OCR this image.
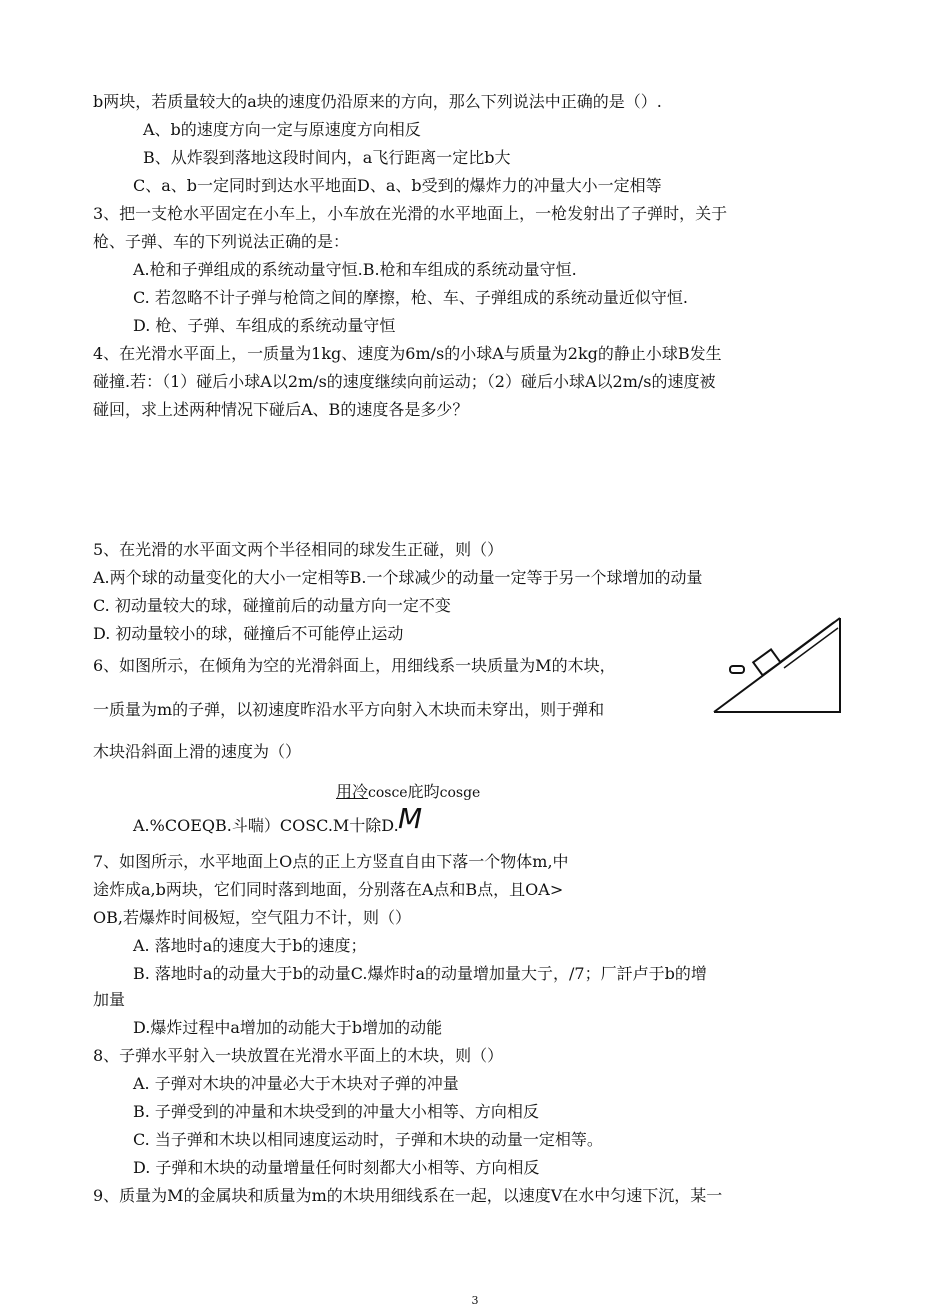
b两块，若质量较大的a块的速度仍沿原来的方向，那么下列说法中正确的是（）.
A、b的速度方向一定与原速度方向相反
B、从炸裂到落地这段时间内，a飞行距离一定比b大
C、a、b一定同时到达水平地面D、a、b受到的爆炸力的冲量大小一定相等
3、把一支枪水平固定在小车上，小车放在光滑的水平地面上，一枪发射出了子弹时，关于
枪、子弹、车的下列说法正确的是：
A.枪和子弹组成的系统动量守恒.B.枪和车组成的系统动量守恒.
C. 若忽略不计子弹与枪筒之间的摩擦，枪、车、子弹组成的系统动量近似守恒.
D. 枪、子弹、车组成的系统动量守恒
4、在光滑水平面上，一质量为1kg、速度为6m/s的小球A与质量为2kg的静止小球B发生
碰撞.若：（1）碰后小球A以2m/s的速度继续向前运动；（2）碰后小球A以2m/s的速度被
碰回，求上述两种情况下碰后A、B的速度各是多少？
5、在光滑的水平面文两个半径相同的球发生正碰，则（）
A.两个球的动量变化的大小一定相等B.一个球减少的动量一定等于另一个球增加的动量
C. 初动量较大的球，碰撞前后的动量方向一定不变
D. 初动量较小的球，碰撞后不可能停止运动
6、如图所示，在倾角为空的光滑斜面上，用细线系一块质量为M的木块，
一质量为m的子弹，以初速度昨沿水平方向射入木块而未穿出，则于弹和
木块沿斜面上滑的速度为（）
用冷cosce庇昀cosge
A.%COEQB.斗喘）COSC.M十除D. M
7、如图所示，水平地面上O点的正上方竖直自由下落一个物体m,中
途炸成a,b两块，它们同时落到地面，分别落在A点和B点，且OA>
OB,若爆炸时间极短，空气阻力不计，则（）
A. 落地时a的速度大于b的速度；
B. 落地时a的动量大于b的动量C.爆炸时a的动量增加量大亍，/7；厂訐卢于b的增
加量
D.爆炸过程中a增加的动能大于b增加的动能
8、子弹水平射入一块放置在光滑水平面上的木块，则（）
A. 子弹对木块的冲量必大于木块对子弹的冲量
B. 子弹受到的冲量和木块受到的冲量大小相等、方向相反
C. 当子弹和木块以相同速度运动时，子弹和木块的动量一定相等。
D. 子弹和木块的动量增量任何时刻都大小相等、方向相反
9、质量为M的金属块和质量为m的木块用细线系在一起，以速度V在水中匀速下沉，某一
3
